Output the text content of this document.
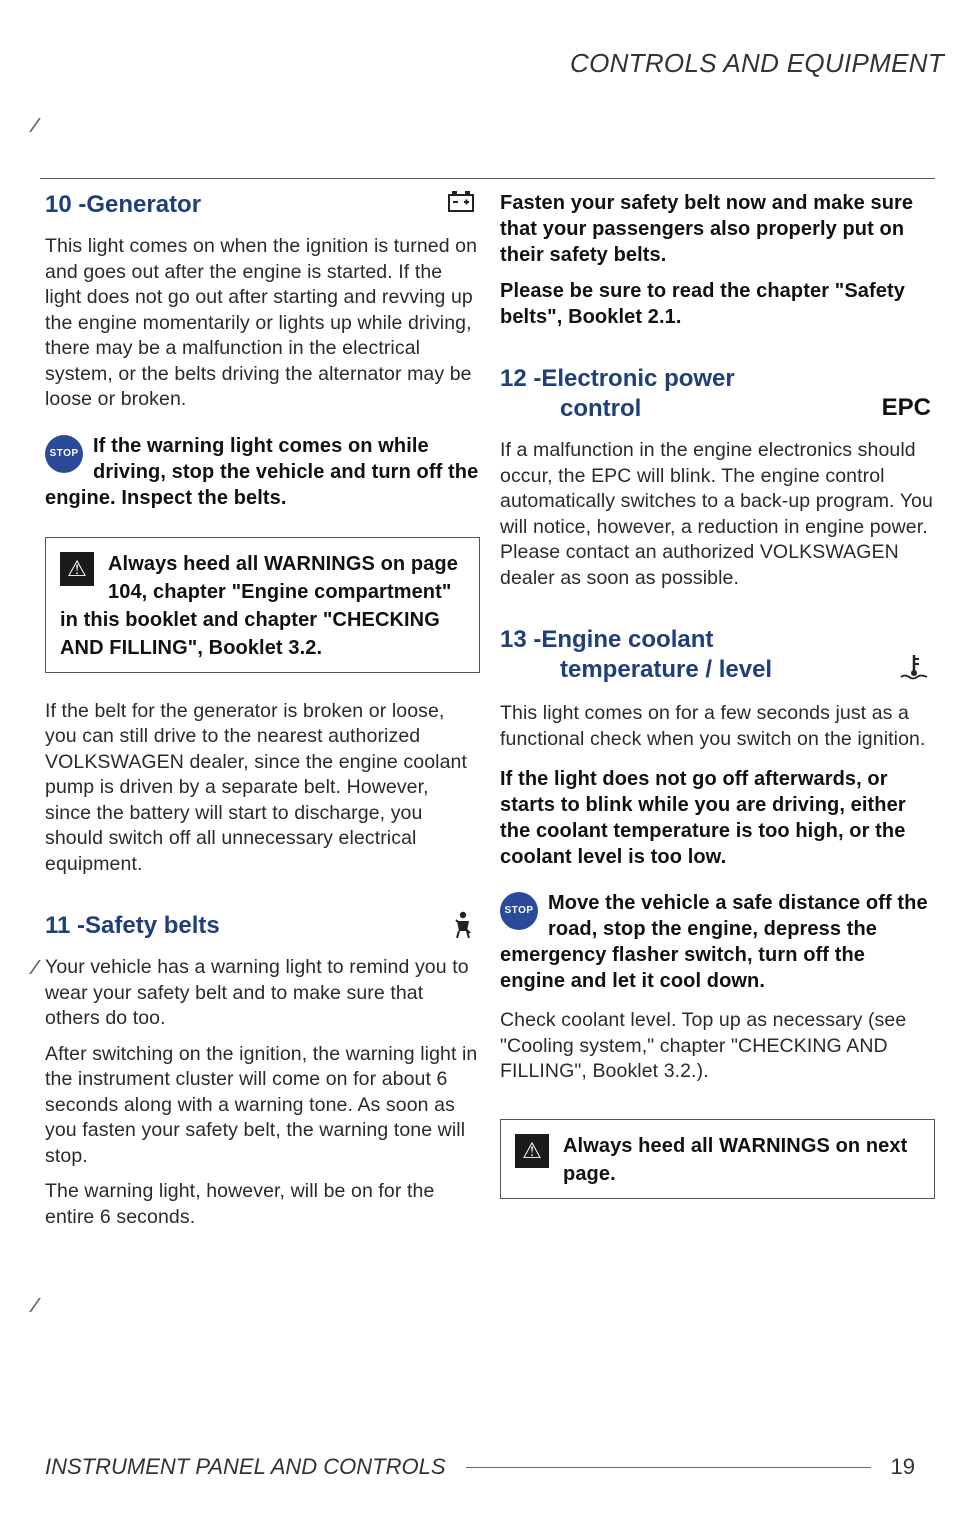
CONTROLS AND EQUIPMENT
10 -Generator

This light comes on when the ignition is turned on and goes out after the engine is started. If the light does not go out after starting and revving up the engine momentarily or lights up while driving, there may be a malfunction in the electrical system, or the belts driving the alternator may be loose or broken.

STOP If the warning light comes on while driving, stop the vehicle and turn off the engine. Inspect the belts.

⚠	Always heed all WARNINGS on page 104, chapter "Engine compartment" in this booklet and chapter "CHECKING AND FILLING", Booklet 3.2.

If the belt for the generator is broken or loose, you can still drive to the nearest authorized VOLKSWAGEN dealer, since the engine coolant pump is driven by a separate belt. However, since the battery will start to discharge, you should switch off all unnecessary electrical equipment.

11 -Safety belts

Your vehicle has a warning light to remind you to wear your safety belt and to make sure that others do too.

After switching on the ignition, the warning light in the instrument cluster will come on for about 6 seconds along with a warning tone. As soon as you fasten your safety belt, the warning tone will stop.

The warning light, however, will be on for the entire 6 seconds.

Fasten your safety belt now and make sure that your passengers also properly put on their safety belts.

Please be sure to read the chapter "Safety belts", Booklet 2.1.

12 -Electronic power
control	EPC

If a malfunction in the engine electronics should occur, the EPC will blink. The engine control automatically switches to a back-up program. You will notice, however, a reduction in engine power. Please contact an authorized VOLKSWAGEN dealer as soon as possible.

13 -Engine coolant
temperature / level

This light comes on for a few seconds just as a functional check when you switch on the ignition.

If the light does not go off afterwards, or starts to blink while you are driving, either the coolant temperature is too high, or the coolant level is too low.

STOP Move the vehicle a safe distance off the road, stop the engine, depress the emergency flasher switch, turn off the engine and let it cool down.

Check coolant level. Top up as necessary (see "Cooling system," chapter "CHECKING AND FILLING", Booklet 3.2.).

⚠	Always heed all WARNINGS on next page.

INSTRUMENT PANEL AND CONTROLS	19
